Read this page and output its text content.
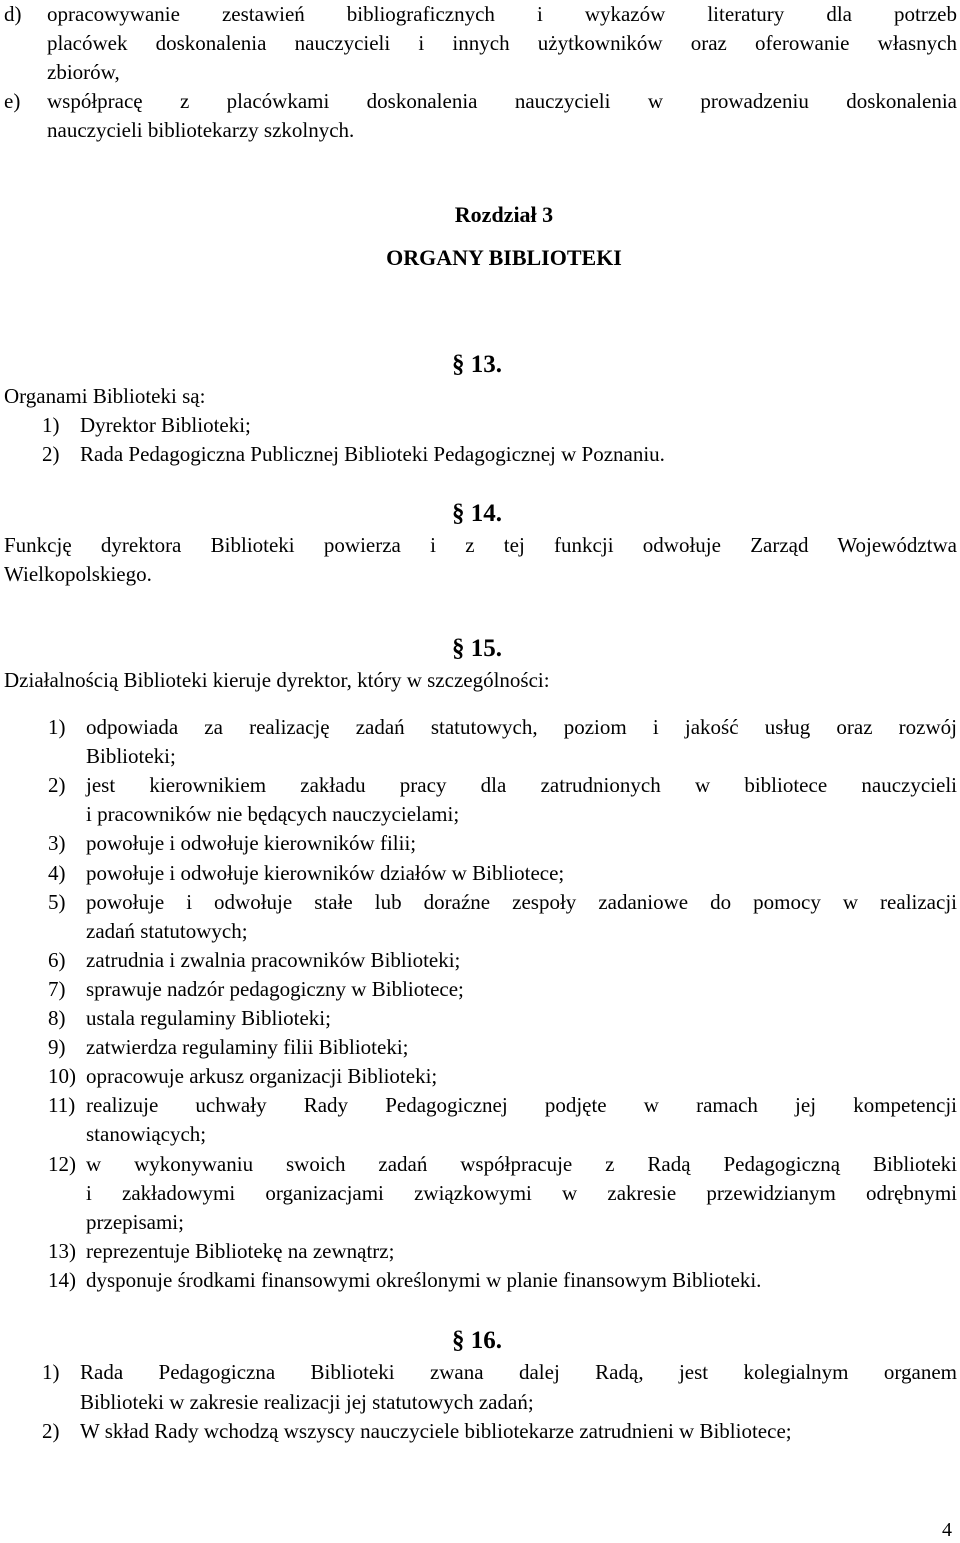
d) opracowywanie zestawień bibliograficznych i wykazów literatury dla potrzeb
placówek doskonalenia nauczycieli i innych użytkowników oraz oferowanie własnych
zbiorów,
e) współpracę z placówkami doskonalenia nauczycieli w prowadzeniu doskonalenia
nauczycieli bibliotekarzy szkolnych.
Rozdział 3
ORGANY BIBLIOTEKI
§ 13.
Organami Biblioteki są:
1) Dyrektor Biblioteki;
2) Rada Pedagogiczna Publicznej Biblioteki Pedagogicznej w Poznaniu.
§ 14.
Funkcję dyrektora Biblioteki powierza i z tej funkcji odwołuje Zarząd Województwa
Wielkopolskiego.
§ 15.
Działalnością Biblioteki kieruje dyrektor, który w szczególności:
1) odpowiada za realizację zadań statutowych, poziom i jakość usług oraz rozwój
Biblioteki;
2) jest kierownikiem zakładu pracy dla zatrudnionych w bibliotece nauczycieli
i pracowników nie będących nauczycielami;
3) powołuje i odwołuje kierowników filii;
4) powołuje i odwołuje kierowników działów w Bibliotece;
5) powołuje i odwołuje stałe lub doraźne zespoły zadaniowe do pomocy w realizacji
zadań statutowych;
6) zatrudnia i zwalnia pracowników Biblioteki;
7) sprawuje nadzór pedagogiczny w Bibliotece;
8) ustala regulaminy Biblioteki;
9) zatwierdza regulaminy filii Biblioteki;
10) opracowuje arkusz organizacji Biblioteki;
11) realizuje uchwały Rady Pedagogicznej podjęte w ramach jej kompetencji
stanowiących;
12) w wykonywaniu swoich zadań współpracuje z Radą Pedagogiczną Biblioteki
i zakładowymi organizacjami związkowymi w zakresie przewidzianym odrębnymi
przepisami;
13) reprezentuje Bibliotekę na zewnątrz;
14) dysponuje środkami finansowymi określonymi w planie finansowym Biblioteki.
§ 16.
1) Rada Pedagogiczna Biblioteki zwana dalej Radą, jest kolegialnym organem
Biblioteki w zakresie realizacji jej statutowych zadań;
2) W skład Rady wchodzą wszyscy nauczyciele bibliotekarze zatrudnieni w Bibliotece;
4
